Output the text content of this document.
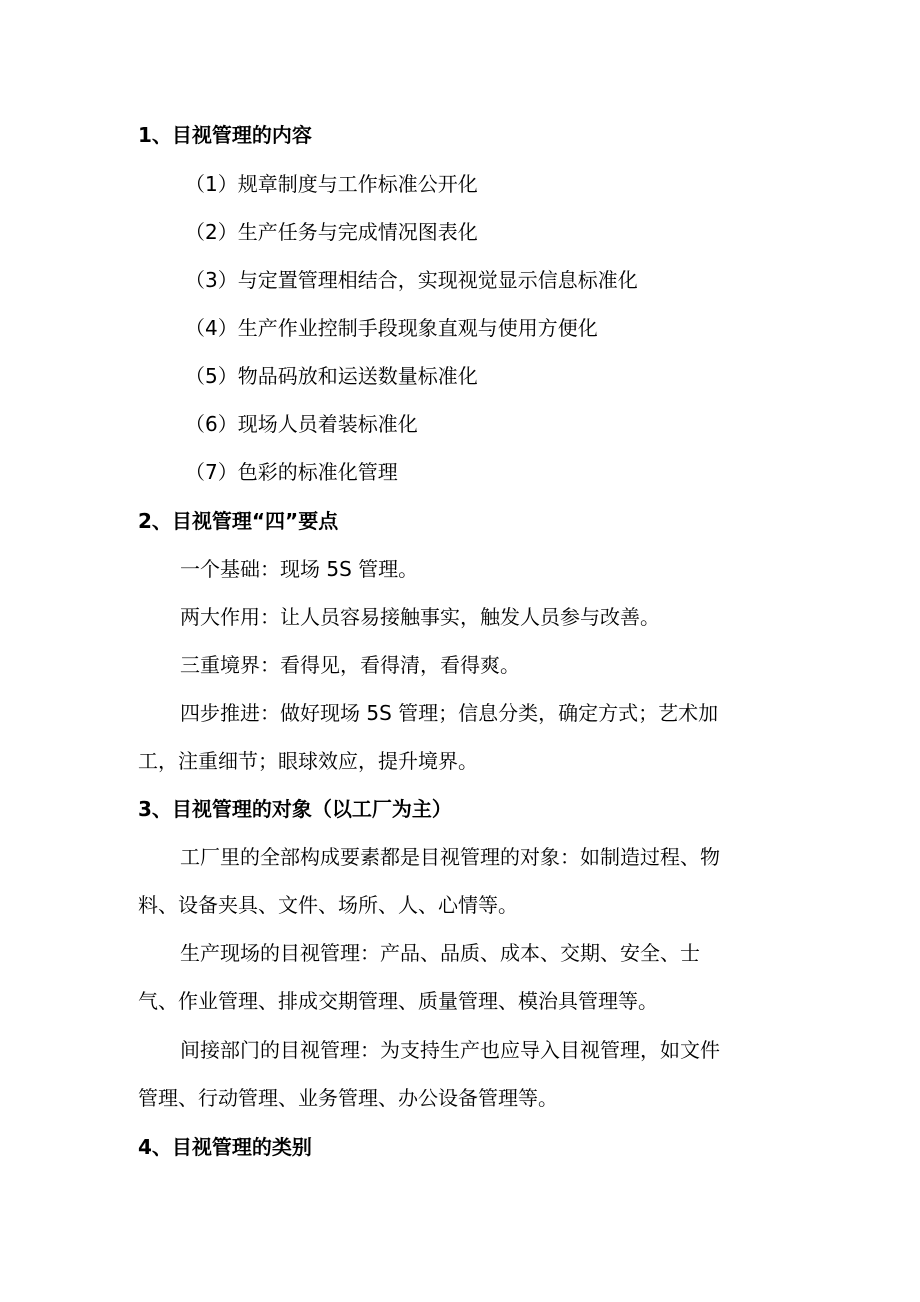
1、目视管理的内容
（1）规章制度与工作标准公开化
（2）生产任务与完成情况图表化
（3）与定置管理相结合，实现视觉显示信息标准化
（4）生产作业控制手段现象直观与使用方便化
（5）物品码放和运送数量标准化
（6）现场人员着装标准化
（7）色彩的标准化管理
2、目视管理“四”要点
一个基础：现场 5S 管理。
两大作用：让人员容易接触事实，触发人员参与改善。
三重境界：看得见，看得清，看得爽。
四步推进：做好现场 5S 管理；信息分类，确定方式；艺术加
工，注重细节；眼球效应，提升境界。
3、目视管理的对象（以工厂为主）
工厂里的全部构成要素都是目视管理的对象：如制造过程、物
料、设备夹具、文件、场所、人、心情等。
生产现场的目视管理：产品、品质、成本、交期、安全、士
气、作业管理、排成交期管理、质量管理、模治具管理等。
间接部门的目视管理：为支持生产也应导入目视管理，如文件
管理、行动管理、业务管理、办公设备管理等。
4、目视管理的类别
